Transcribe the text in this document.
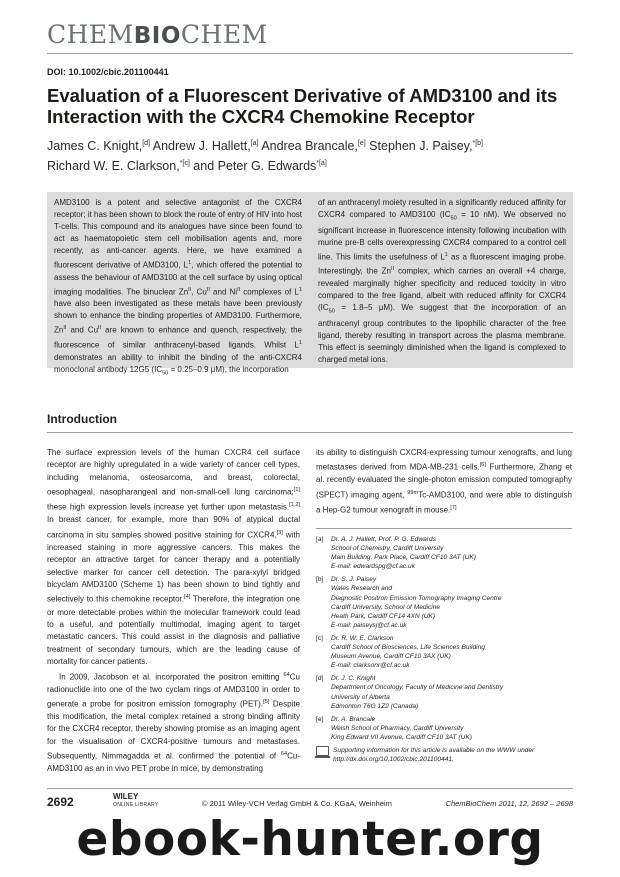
CHEM BIO CHEM
DOI: 10.1002/cbic.201100441
Evaluation of a Fluorescent Derivative of AMD3100 and its Interaction with the CXCR4 Chemokine Receptor
James C. Knight,[d] Andrew J. Hallett,[a] Andrea Brancale,[e] Stephen J. Paisey,$^{*[b]}$
Richard W. E. Clarkson,$^{*[c]}$ and Peter G. Edwards$^{*[a]}$

AMD3100 is a potent and selective antagonist of the CXCR4 receptor; it has been shown to block the route of entry of HIV into host T-cells. This compound and its analogues have since been found to act as haematopoietic stem cell mobilisation agents and, more recently, as anti-cancer agents. Here, we have examined a fluorescent derivative of AMD3100, $L^1$, which offered the potential to assess the behaviour of AMD3100 at the cell surface by using optical imaging modalities. The binuclear $Zn^{II}$, $Cu^{II}$ and $Ni^{II}$ complexes of $L^1$ have also been investigated as these metals have been previously shown to enhance the binding properties of AMD3100. Furthermore, $Zn^{II}$ and $Cu^{II}$ are known to enhance and quench, respectively, the fluorescence of similar anthracenyl-based ligands. Whilst $L^1$ demonstrates an ability to inhibit the binding of the anti-CXCR4 monoclonal antibody 12G5 ($IC_{50} = 0.25-0.9$ μM), the incorporation

of an anthracenyl moiety resulted in a significantly reduced affinity for CXCR4 compared to AMD3100 ($IC_{50} = 10$ nM). We observed no significant increase in fluorescence intensity following incubation with murine pre-B cells overexpressing CXCR4 compared to a control cell line. This limits the usefulness of $L^1$ as a fluorescent imaging probe. Interestingly, the $Zn^{II}$ complex, which carries an overall +4 charge, revealed marginally higher specificity and reduced toxicity in vitro compared to the free ligand, albeit with reduced affinity for CXCR4 ($IC_{50} = 1.8-5$ μM). We suggest that the incorporation of an anthracenyl group contributes to the lipophilic character of the free ligand, thereby resulting in transport across the plasma membrane. This effect is seemingly diminished when the ligand is complexed to charged metal ions.

Introduction

The surface expression levels of the human CXCR4 cell surface receptor are highly upregulated in a wide variety of cancer cell types, including melanoma, osteosarcoma, and breast, colorectal, oesophageal, nasopharangeal and non-small-cell lung carcinoma;[1] these high expression levels increase yet further upon metastasis.[1,2] In breast cancer, for example, more than 90% of atypical ductal carcinoma in situ samples showed positive staining for CXCR4,[3] with increased staining in more aggressive cancers. This makes the receptor an attractive target for cancer therapy and a potentially selective marker for cancer cell detection. The para-xylyl bridged bicyclam AMD3100 (Scheme 1) has been shown to bind tightly and selectively to this chemokine receptor.[4] Therefore, the integration one or more detectable probes within the molecular framework could lead to a useful, and potentially multimodal, imaging agent to target metastatic cancers. This could assist in the diagnosis and palliative treatment of secondary tumours, which are the leading cause of mortality for cancer patients.

In 2009, Jacobson et al. incorporated the positron emitting $^{64}$Cu radionuclide into one of the two cyclam rings of AMD3100 in order to generate a probe for positron emission tomography (PET).[5] Despite this modification, the metal complex retained a strong binding affinity for the CXCR4 receptor, thereby showing promise as an imaging agent for the visualisation of CXCR4-positive tumours and metastases. Subsequently, Nimmagadda et al. confirmed the potential of $^{64}$Cu-AMD3100 as an in vivo PET probe in mice, by demonstrating

its ability to distinguish CXCR4-expressing tumour xenografts, and lung metastases derived from MDA-MB-231 cells.[6] Furthermore, Zhang et al. recently evaluated the single-photon emission computed tomography (SPECT) imaging agent, $^{99m}$Tc-AMD3100, and were able to distinguish a Hep-G2 tumour xenograft in mouse.[7]

[a]	Dr. A. J. Hallett, Prof. P. G. Edwards
School of Chemistry, Cardiff University
Main Building, Park Place, Cardiff CF10 3AT (UK)
E-mail: edwardspg@cf.ac.uk
[b]	Dr. S. J. Paisey
Wales Research and
Diagnostic Positron Emission Tomography Imaging Centre
Cardiff University, School of Medicine
Heath Park, Cardiff CF14 4XN (UK)
E-mail: paiseysj@cf.ac.uk
[c]	Dr. R. W. E. Clarkson
Cardiff School of Biosciences, Life Sciences Building
Museum Avenue, Cardiff CF10 3AX (UK)
E-mail: clarksonr@cf.ac.uk
[d]	Dr. J. C. Knight
Department of Oncology, Faculty of Medicine and Dentistry
University of Alberta
Edmonton T6G 1Z2 (Canada)
[e]	Dr. A. Brancale
Welsh School of Pharmacy, Cardiff University
King Edward VII Avenue, Cardiff CF10 3AT (UK)
Supporting information for this article is available on the WWW under
http://dx.doi.org/10.1002/cbic.201100441.
2692	WILEY
ONLINE LIBRARY	© 2011 Wiley-VCH Verlag GmbH & Co. KGaA, Weinheim	ChemBioChem 2011, 12, 2692 – 2698
ebook-hunter.org
